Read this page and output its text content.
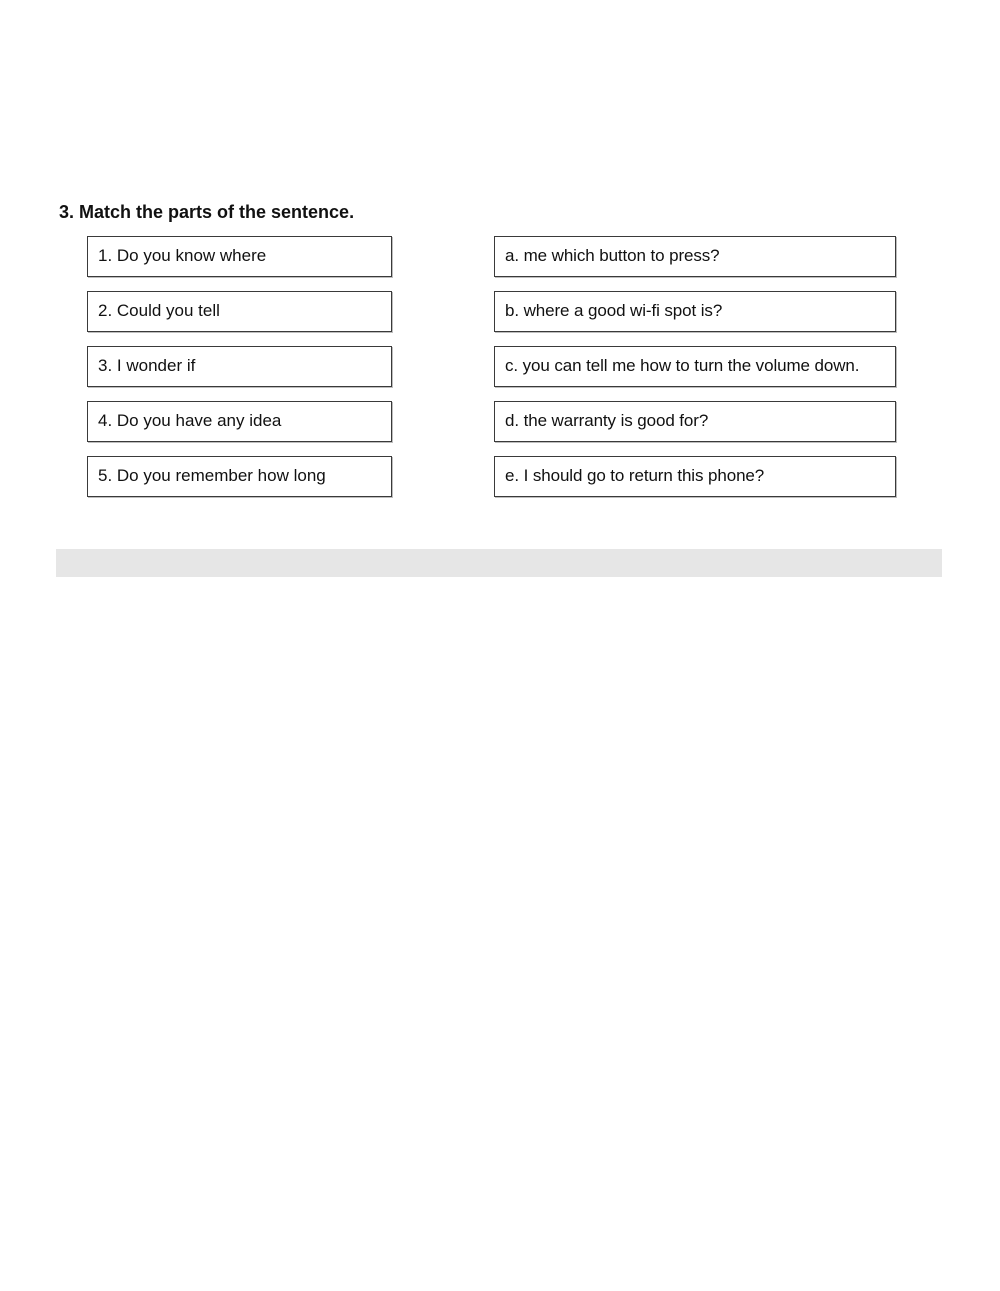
3. Match the parts of the sentence.
1. Do you know where
2. Could you tell
3. I wonder if
4. Do you have any idea
5. Do you remember how long
a. me which button to press?
b. where a good wi-fi spot is?
c. you can tell me how to turn the volume down.
d. the warranty is good for?
e. I should go to return this phone?
